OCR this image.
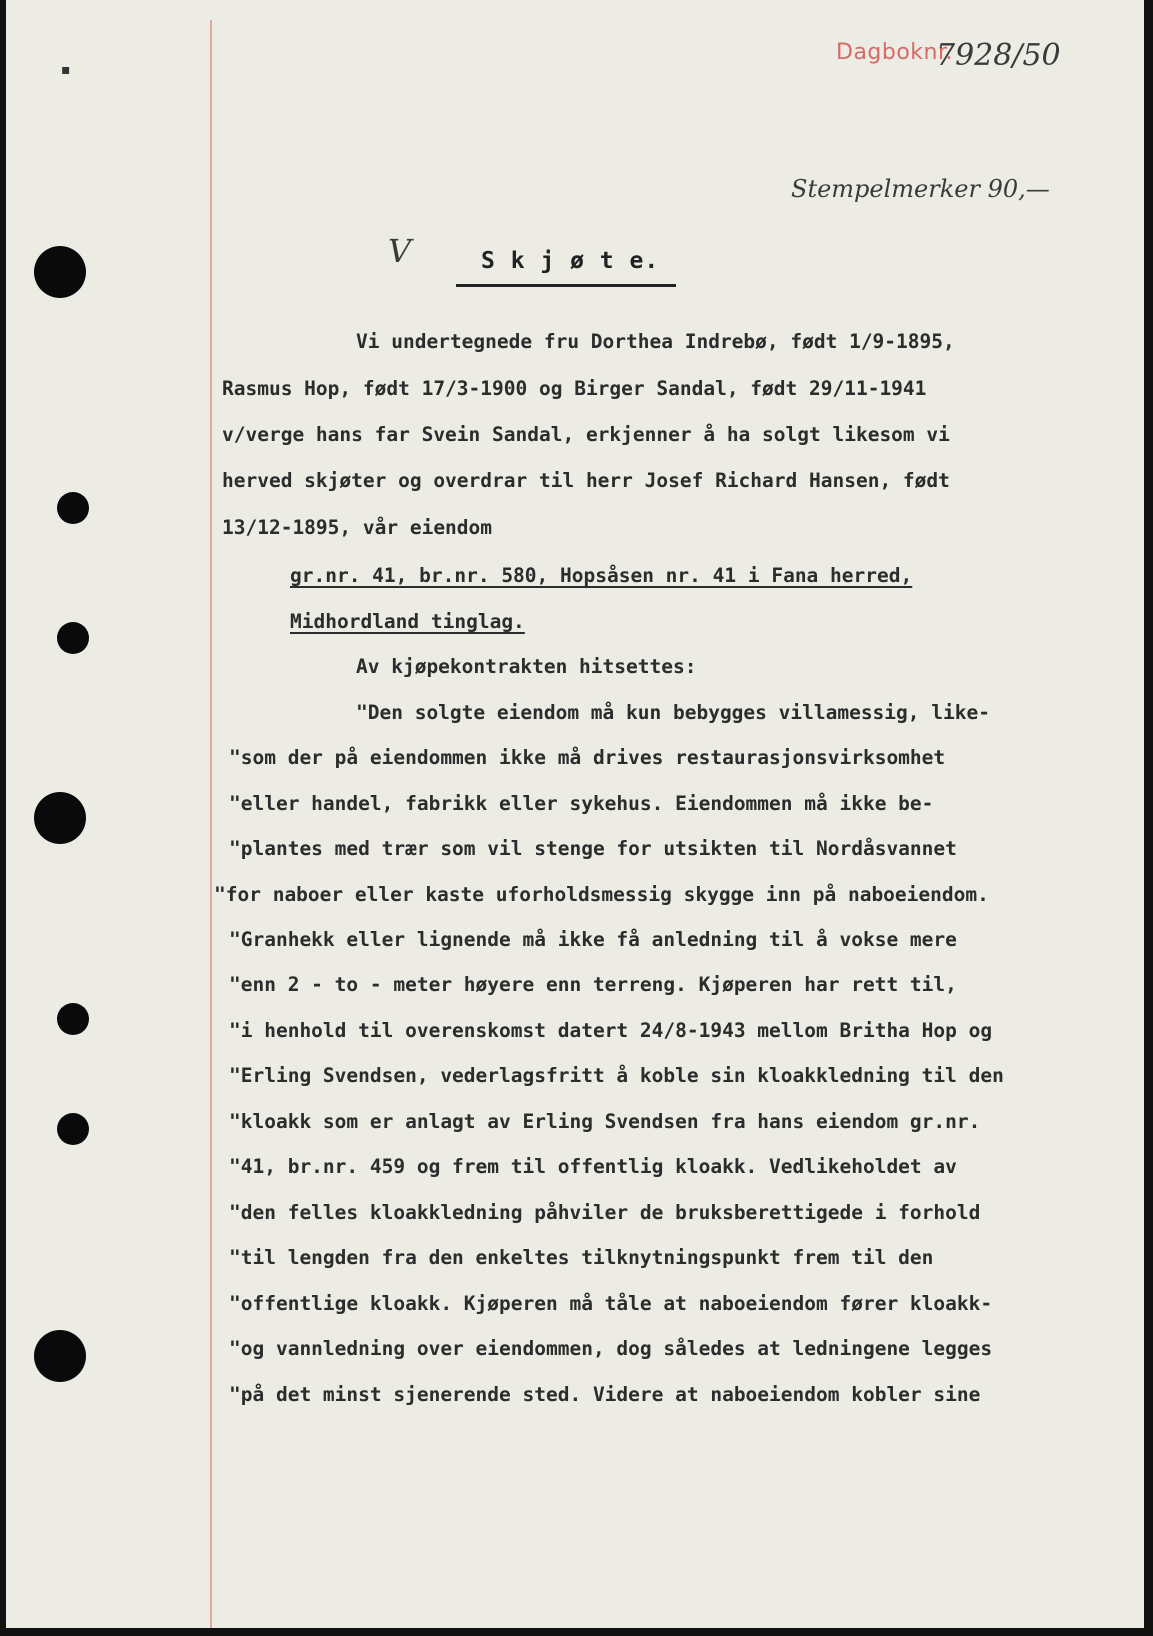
▪
Dagboknr.
7928/50
Stempelmerker 90,—
V	S k j ø t e.
Vi undertegnede fru Dorthea Indrebø, født 1/9-1895,
Rasmus Hop, født 17/3-1900 og Birger Sandal, født 29/11-1941
v/verge hans far Svein Sandal, erkjenner å ha solgt likesom vi
herved skjøter og overdrar til herr Josef Richard Hansen, født
13/12-1895, vår eiendom
gr.nr. 41, br.nr. 580, Hopsåsen nr. 41 i Fana herred,
Midhordland tinglag.
Av kjøpekontrakten hitsettes:
"Den solgte eiendom må kun bebygges villamessig, like-
"som der på eiendommen ikke må drives restaurasjonsvirksomhet
"eller handel, fabrikk eller sykehus. Eiendommen må ikke be-
"plantes med trær som vil stenge for utsikten til Nordåsvannet
"for naboer eller kaste uforholdsmessig skygge inn på naboeiendom.
"Granhekk eller lignende må ikke få anledning til å vokse mere
"enn 2 - to - meter høyere enn terreng. Kjøperen har rett til,
"i henhold til overenskomst datert 24/8-1943 mellom Britha Hop og
"Erling Svendsen, vederlagsfritt å koble sin kloakkledning til den
"kloakk som er anlagt av Erling Svendsen fra hans eiendom gr.nr.
"41, br.nr. 459 og frem til offentlig kloakk. Vedlikeholdet av
"den felles kloakkledning påhviler de bruksberettigede i forhold
"til lengden fra den enkeltes tilknytningspunkt frem til den
"offentlige kloakk. Kjøperen må tåle at naboeiendom fører kloakk-
"og vannledning over eiendommen, dog således at ledningene legges
"på det minst sjenerende sted. Videre at naboeiendom kobler sine
